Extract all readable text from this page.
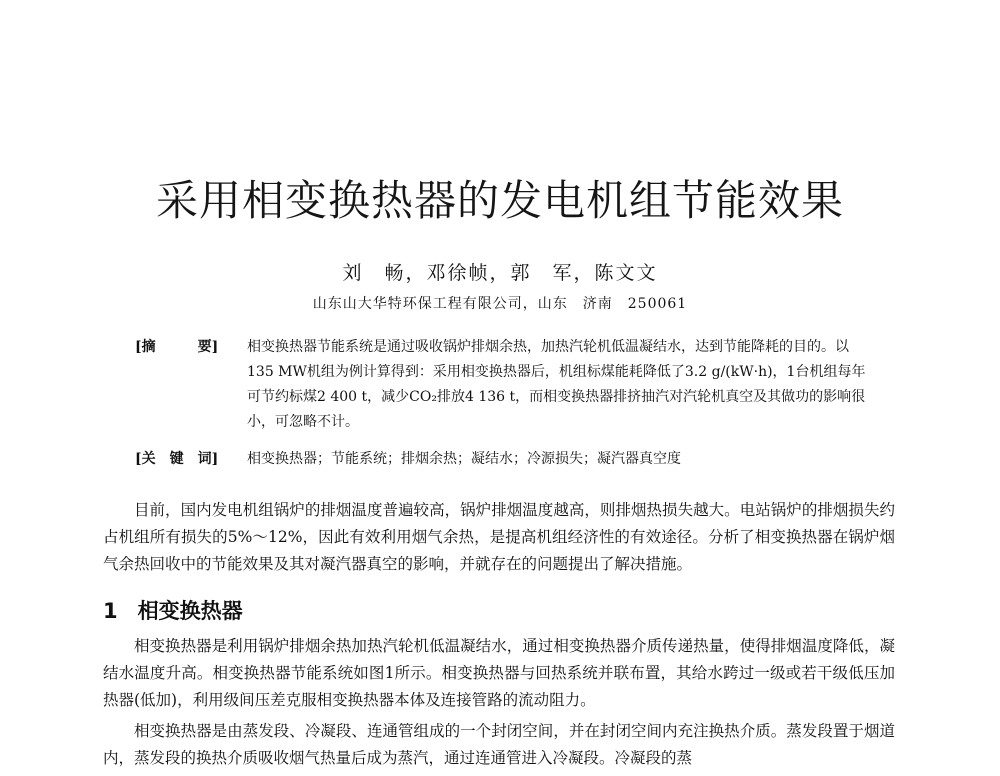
采用相变换热器的发电机组节能效果
刘　畅，邓徐帧，郭　军，陈文文
山东山大华特环保工程有限公司，山东　济南　250061
[摘　　　要]	相变换热器节能系统是通过吸收锅炉排烟余热，加热汽轮机低温凝结水，达到节能降耗的目的。以135 MW机组为例计算得到：采用相变换热器后，机组标煤能耗降低了3.2 g/(kW·h)，1台机组每年可节约标煤2 400 t，减少CO₂排放4 136 t，而相变换热器排挤抽汽对汽轮机真空及其做功的影响很小，可忽略不计。
[关　键　词] 相变换热器；节能系统；排烟余热；凝结水；冷源损失；凝汽器真空度
目前，国内发电机组锅炉的排烟温度普遍较高，锅炉排烟温度越高，则排烟热损失越大。电站锅炉的排烟损失约占机组所有损失的5%～12%，因此有效利用烟气余热，是提高机组经济性的有效途径。分析了相变换热器在锅炉烟气余热回收中的节能效果及其对凝汽器真空的影响，并就存在的问题提出了解决措施。
1 相变换热器
相变换热器是利用锅炉排烟余热加热汽轮机低温凝结水，通过相变换热器介质传递热量，使得排烟温度降低，凝结水温度升高。相变换热器节能系统如图1所示。相变换热器与回热系统并联布置，其给水跨过一级或若干级低压加热器(低加)，利用级间压差克服相变换热器本体及连接管路的流动阻力。
相变换热器是由蒸发段、冷凝段、连通管组成的一个封闭空间，并在封闭空间内充注换热介质。蒸发段置于烟道内，蒸发段的换热介质吸收烟气热量后成为蒸汽，通过连通管进入冷凝段。冷凝段的蒸
